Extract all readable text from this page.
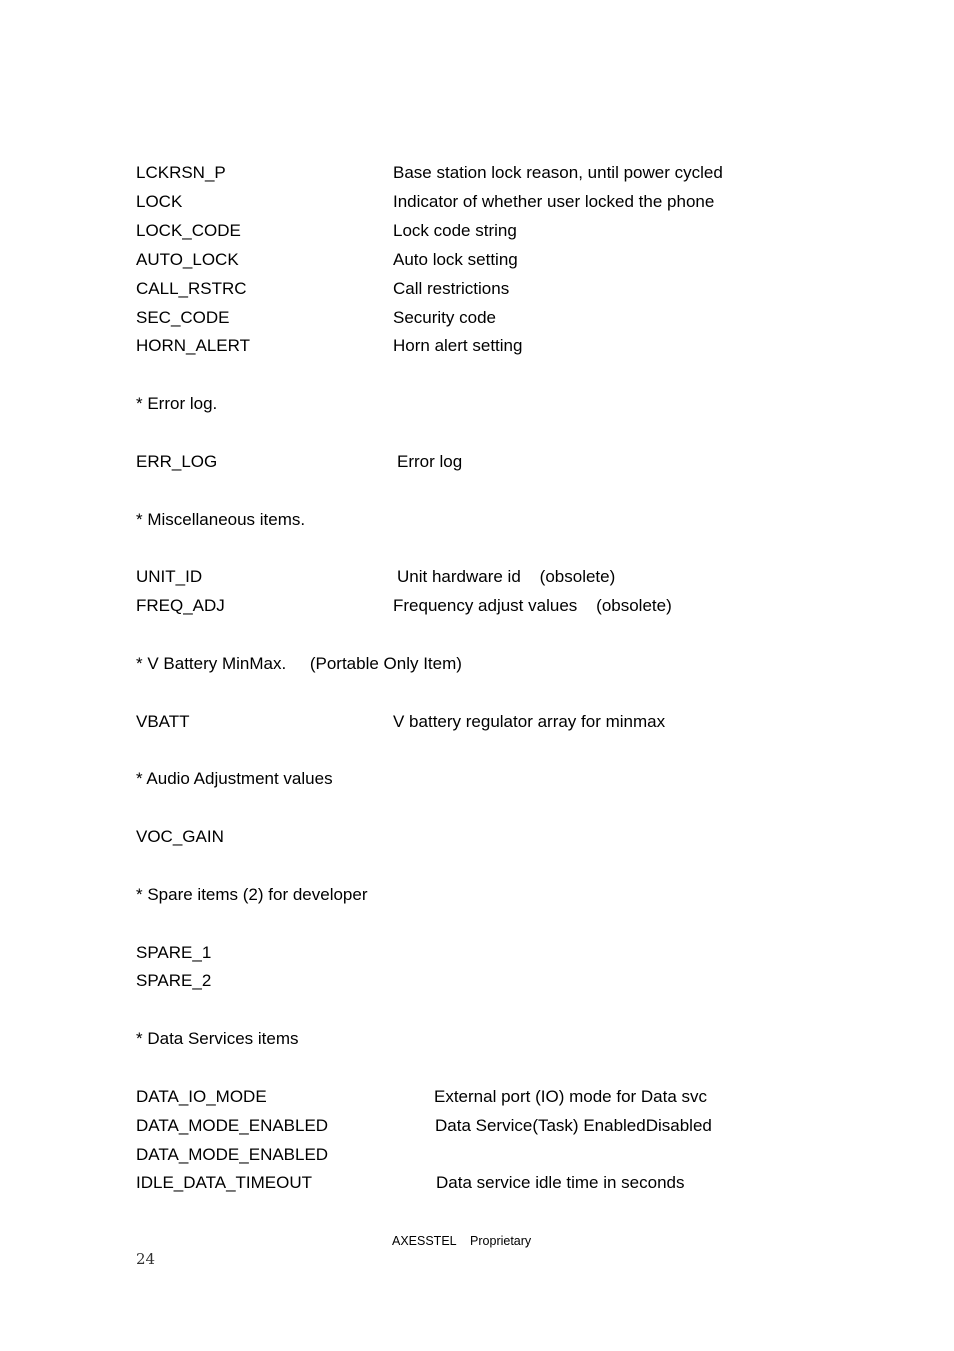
LCKRSN_P	Base station lock reason, until power cycled
LOCK	Indicator of whether user locked the phone
LOCK_CODE	Lock code string
AUTO_LOCK	Auto lock setting
CALL_RSTRC	Call restrictions
SEC_CODE	Security code
HORN_ALERT	Horn alert setting
* Error log.
ERR_LOG	Error log
* Miscellaneous items.
UNIT_ID	Unit hardware id    (obsolete)
FREQ_ADJ	Frequency adjust values    (obsolete)
* V Battery MinMax.     (Portable Only Item)
VBATT	V battery regulator array for minmax
* Audio Adjustment values
VOC_GAIN
* Spare items (2) for developer
SPARE_1
SPARE_2
* Data Services items
DATA_IO_MODE	External port (IO) mode for Data svc
DATA_MODE_ENABLED	Data Service(Task) EnabledDisabled
DATA_MODE_ENABLED
IDLE_DATA_TIMEOUT	Data service idle time in seconds
AXESSTEL    Proprietary
24
